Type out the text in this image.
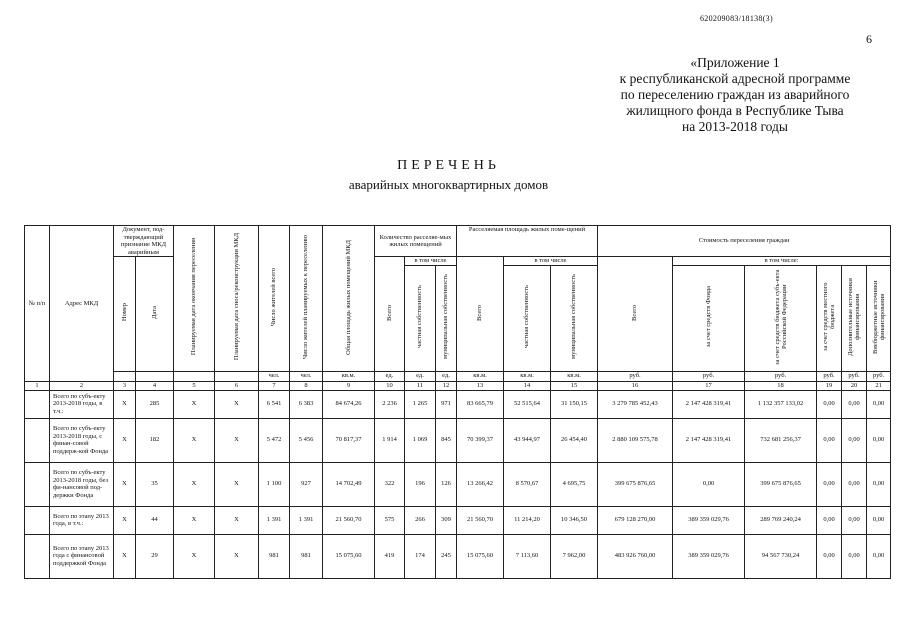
620209083/18138(3)
6
«Приложение 1
к республиканской адресной программе
по переселению граждан из аварийного
жилищного фонда в Республике Тыва
на 2013-2018 годы
ПЕРЕЧЕНЬ
аварийных многоквартирных домов
№ п/п	Адрес МКД	Документ, под-тверждающий признание МКД аварийным		Планируемая дата окончания переселения	Планируемая дата сноса/реконструкции МКД	Число жителей всего	Число жителей планируемых к переселению	Общая площадь жилых помещений МКД	Количество расселяе-мых жилых помещений			Расселяемая площадь жилых поме-щений			Стоимость переселения граждан					
		Номер	Дата						Всего	в том числе		Всего	в том числе		Всего	в том числе:				
										частная собственность	муниципальная собственность		частная собственность	муниципальная собственность		за счет средств Фонда	за счет средств бюджета субъ-екта Российской Федерации	за счет средств местного бюджета	Дополнительные источники финансирования	Внебюджетные источники финансирования
						чел.	чел.	кв.м.	ед.	ед.	ед.	кв.м.	кв.м.	кв.м.	руб.	руб.	руб.	руб.	руб.	руб.
1	2	3	4	5	6	7	8	9	10	11	12	13	14	15	16	17	18	19	20	21
	Всего по субъ-екту 2013-2018 годы, в т.ч.:	X	285	X	X	6 541	6 383	84 674,26	2 236	1 265	971	83 665,79	52 515,64	31 150,15	3 279 785 452,43	2 147 428 319,41	1 132 357 133,02	0,00	0,00	0,00
	Всего по субъ-екту 2013-2018 годы, с финан-совой поддерж-кой Фонда	X	182	X	X	5 472	5 456	70 817,37	1 914	1 069	845	70 399,37	43 944,97	26 454,40	2 880 109 575,78	2 147 428 319,41	732 681 256,37	0,00	0,00	0,00
	Всего по субъ-екту 2013-2018 годы, без фи-нансовой под-держки Фонда	X	35	X	X	1 100	927	14 702,49	322	196	126	13 266,42	8 570,67	4 695,75	399 675 876,65	0,00	399 675 876,65	0,00	0,00	0,00
	Всего по этапу 2013 года, в т.ч.:	X	44	X	X	1 391	1 391	21 560,70	575	266	309	21 560,70	11 214,20	10 346,50	679 128 270,00	389 359 029,76	289 769 240,24	0,00	0,00	0,00
	Всего по этапу 2013 года с финансовой поддержкой Фонда	X	29	X	X	981	981	15 075,60	419	174	245	15 075,60	7 113,60	7 962,00	483 926 760,00	389 359 029,76	94 567 730,24	0,00	0,00	0,00
